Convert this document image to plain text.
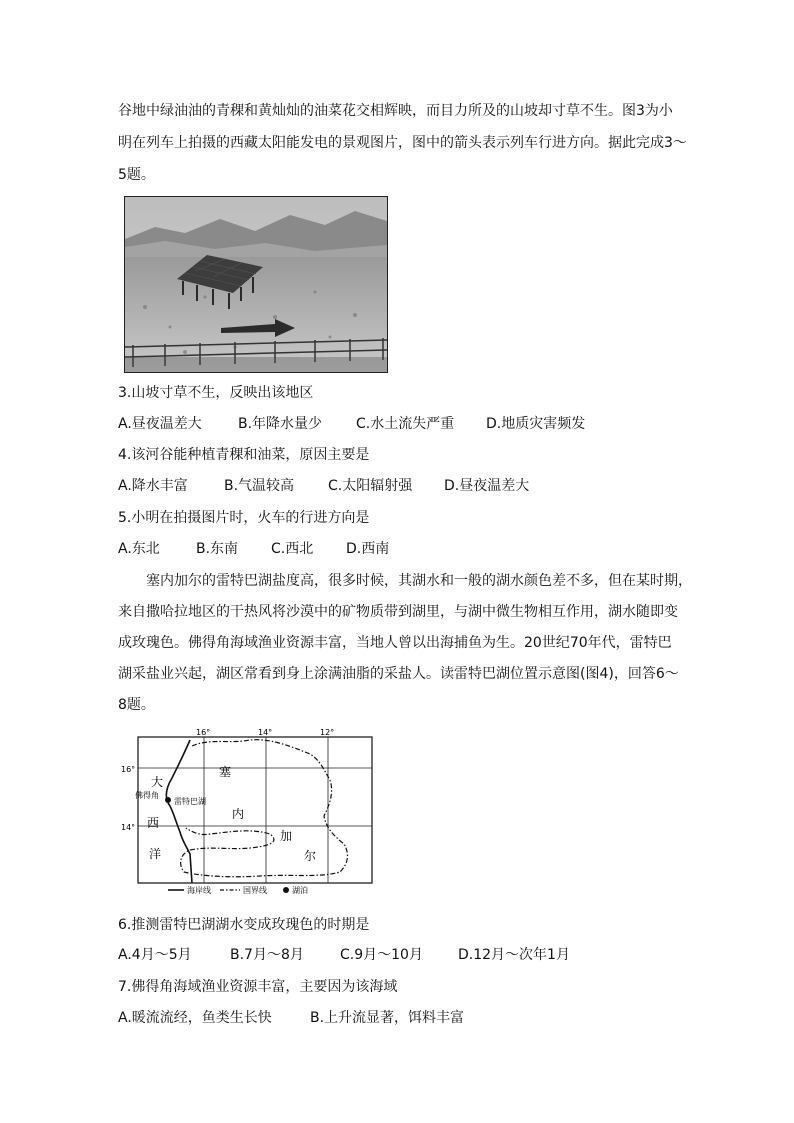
谷地中绿油油的青稞和黄灿灿的油菜花交相辉映，而目力所及的山坡却寸草不生。图3为小
明在列车上拍摄的西藏太阳能发电的景观图片，图中的箭头表示列车行进方向。据此完成3～
5题。
3.山坡寸草不生，反映出该地区
A.昼夜温差大	B.年降水量少 C.水土流失严重 D.地质灾害频发
4.该河谷能种植青稞和油菜，原因主要是
A.降水丰富	B.气温较高 C.太阳辐射强 D.昼夜温差大
5.小明在拍摄图片时，火车的行进方向是
A.东北	B.东南 C.西北 D.西南
塞内加尔的雷特巴湖盐度高，很多时候，其湖水和一般的湖水颜色差不多，但在某时期，
来自撒哈拉地区的干热风将沙漠中的矿物质带到湖里，与湖中微生物相互作用，湖水随即变
成玫瑰色。佛得角海域渔业资源丰富，当地人曾以出海捕鱼为生。20世纪70年代，雷特巴
湖采盐业兴起，湖区常看到身上涂满油脂的采盐人。读雷特巴湖位置示意图(图4)，回答6～
8题。
16°	14°	12°
16°
14°
大
西
洋
塞
内
加
尔
佛得角
雷特巴湖
海岸线	国界线	湖泊
6.推测雷特巴湖湖水变成玫瑰色的时期是
A.4月～5月	B.7月～8月	C.9月～10月	D.12月～次年1月
7.佛得角海域渔业资源丰富，主要因为该海域
A.暖流流经，鱼类生长快	B.上升流显著，饵料丰富
